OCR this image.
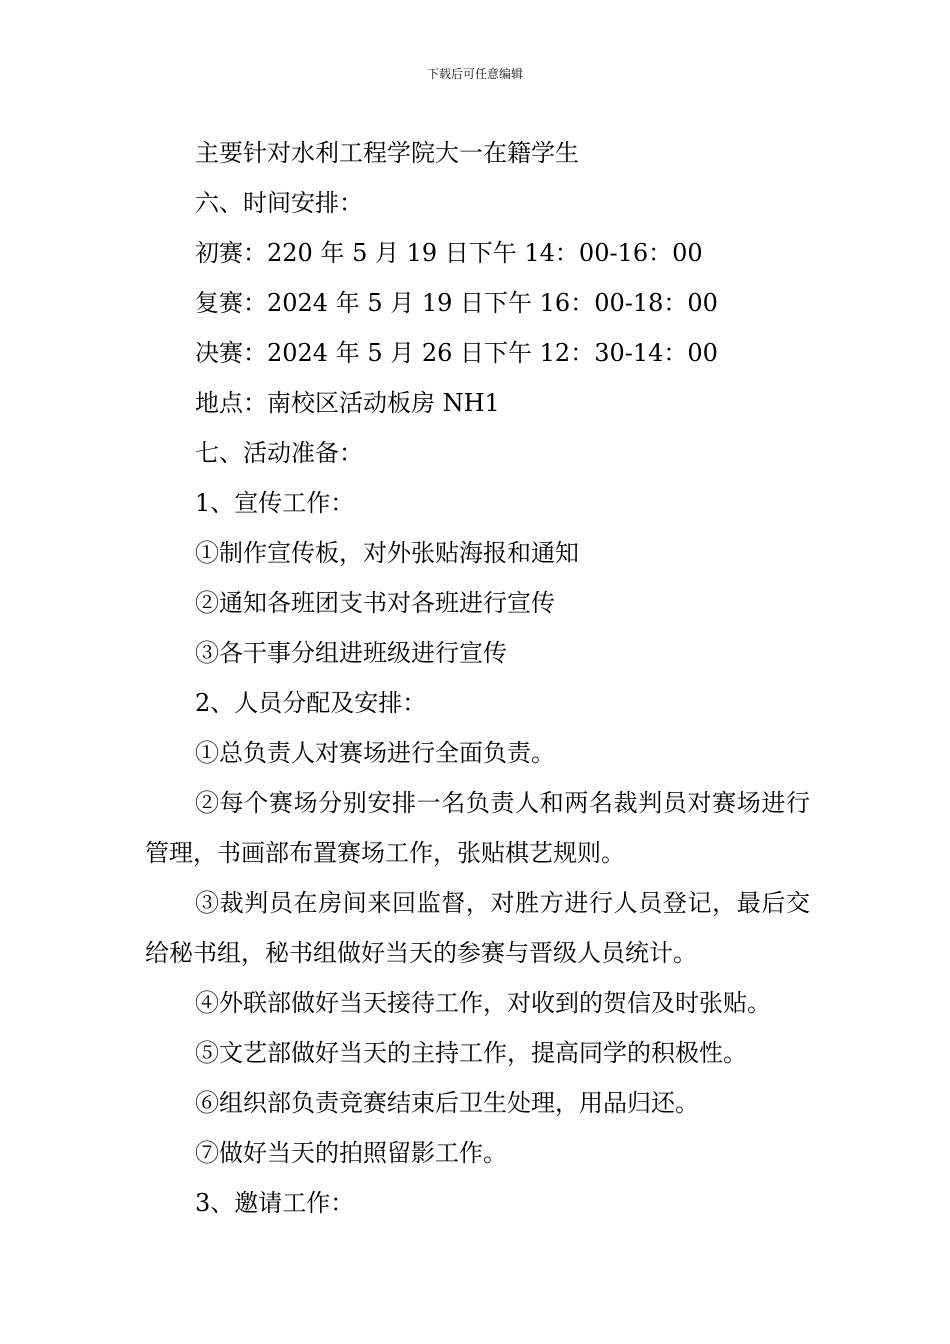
下载后可任意编辑

主要针对水利工程学院大一在籍学生

六、时间安排：

初赛：220 年 5 月 19 日下午 14：00-16：00

复赛：2024 年 5 月 19 日下午 16：00-18：00

决赛：2024 年 5 月 26 日下午 12：30-14：00

地点：南校区活动板房 NH1

七、活动准备：

1、宣传工作：

①制作宣传板，对外张贴海报和通知

②通知各班团支书对各班进行宣传

③各干事分组进班级进行宣传

2、人员分配及安排：

①总负责人对赛场进行全面负责。

②每个赛场分别安排一名负责人和两名裁判员对赛场进行管理，书画部布置赛场工作，张贴棋艺规则。

③裁判员在房间来回监督，对胜方进行人员登记，最后交给秘书组，秘书组做好当天的参赛与晋级人员统计。

④外联部做好当天接待工作，对收到的贺信及时张贴。

⑤文艺部做好当天的主持工作，提高同学的积极性。

⑥组织部负责竞赛结束后卫生处理，用品归还。

⑦做好当天的拍照留影工作。

3、邀请工作：
